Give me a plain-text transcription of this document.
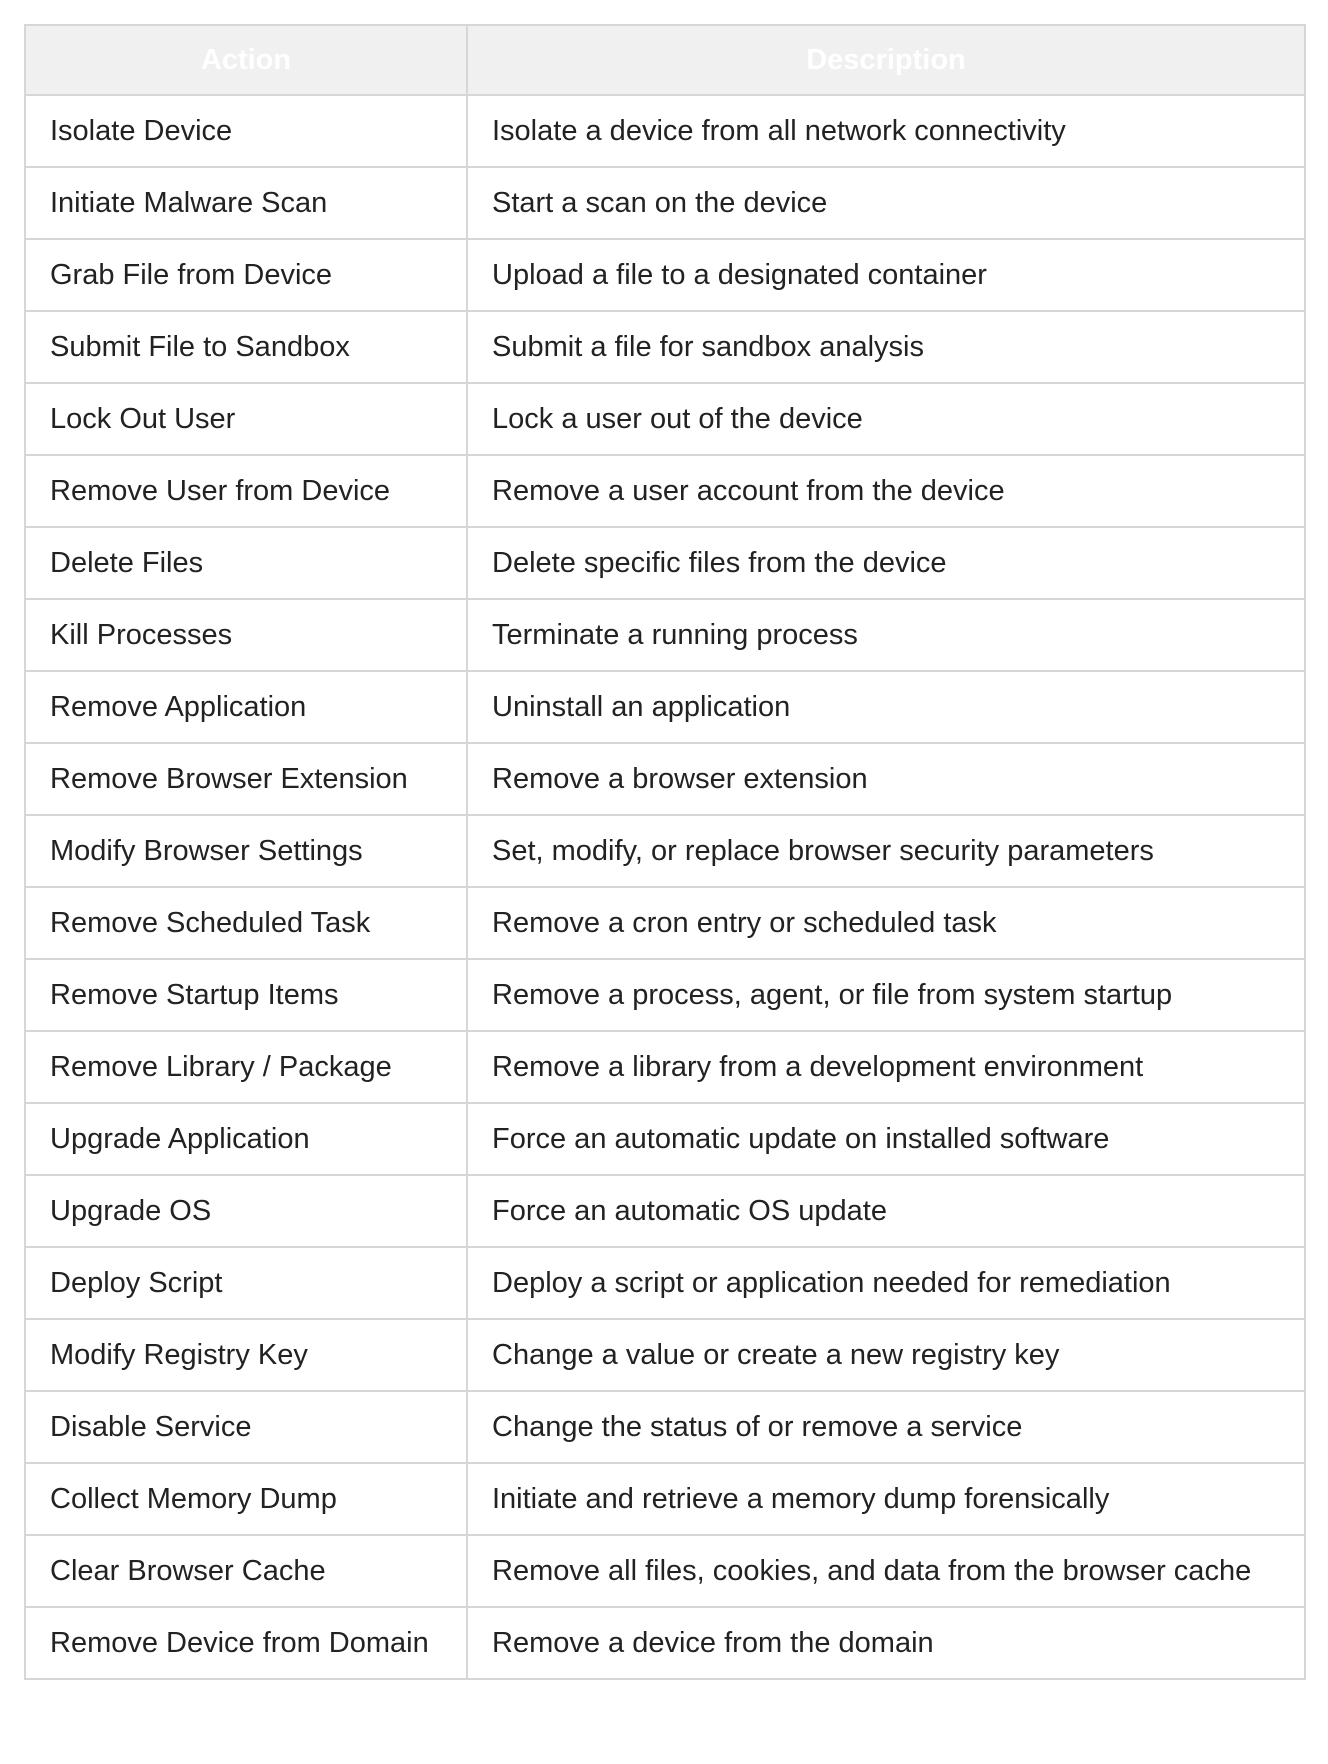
Action	Description
Isolate Device	Isolate a device from all network connectivity
Initiate Malware Scan	Start a scan on the device
Grab File from Device	Upload a file to a designated container
Submit File to Sandbox	Submit a file for sandbox analysis
Lock Out User	Lock a user out of the device
Remove User from Device	Remove a user account from the device
Delete Files	Delete specific files from the device
Kill Processes	Terminate a running process
Remove Application	Uninstall an application
Remove Browser Extension	Remove a browser extension
Modify Browser Settings	Set, modify, or replace browser security parameters
Remove Scheduled Task	Remove a cron entry or scheduled task
Remove Startup Items	Remove a process, agent, or file from system startup
Remove Library / Package	Remove a library from a development environment
Upgrade Application	Force an automatic update on installed software
Upgrade OS	Force an automatic OS update
Deploy Script	Deploy a script or application needed for remediation
Modify Registry Key	Change a value or create a new registry key
Disable Service	Change the status of or remove a service
Collect Memory Dump	Initiate and retrieve a memory dump forensically
Clear Browser Cache	Remove all files, cookies, and data from the browser cache
Remove Device from Domain	Remove a device from the domain
